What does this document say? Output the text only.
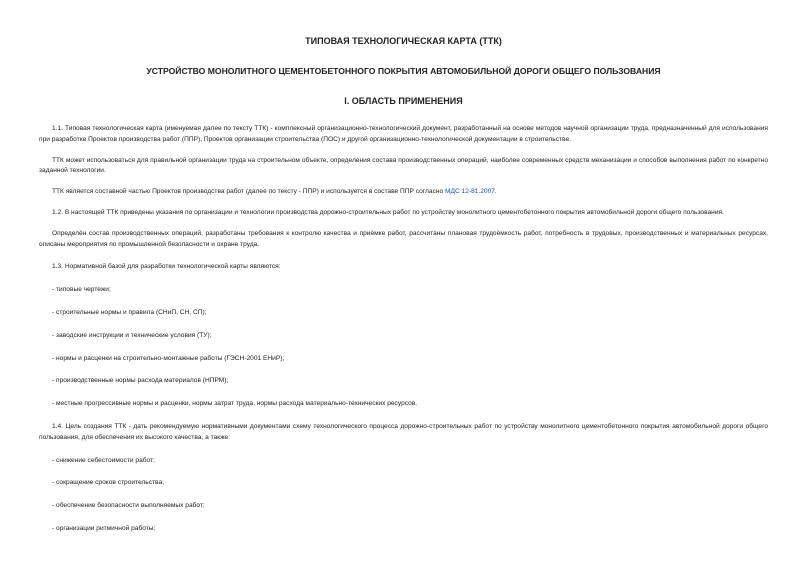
ТИПОВАЯ ТЕХНОЛОГИЧЕСКАЯ КАРТА (ТТК)
УСТРОЙСТВО МОНОЛИТНОГО ЦЕМЕНТОБЕТОННОГО ПОКРЫТИЯ АВТОМОБИЛЬНОЙ ДОРОГИ ОБЩЕГО ПОЛЬЗОВАНИЯ
I. ОБЛАСТЬ ПРИМЕНЕНИЯ

1.1. Типовая технологическая карта (именуемая далее по тексту ТТК) - комплексный организационно-технологический документ, разработанный на основе методов научной организации труда, предназначенный для использования при разработке Проектов производства работ (ППР), Проектов организации строительства (ПОС) и другой организационно-технологической документации в строительстве.

ТТК может использоваться для правильной организации труда на строительном объекте, определения состава производственных операций, наиболее современных средств механизации и способов выполнения работ по конкретно заданной технологии.

ТТК является составной частью Проектов производства работ (далее по тексту - ППР) и используется в составе ППР согласно МДС 12-81.2007.

1.2. В настоящей ТТК приведены указания по организации и технологии производства дорожно-строительных работ по устройству монолитного цементобетонного покрытия автомобильной дороги общего пользования.

Определён состав производственных операций, разработаны требования к контролю качества и приёмке работ, рассчитаны плановая трудоёмкость работ, потребность в трудовых, производственных и материальных ресурсах, описаны мероприятия по промышленной безопасности и охране труда.

1.3. Нормативной базой для разработки технологической карты являются:

- типовые чертежи;

- строительные нормы и правила (СНиП, СН, СП);

- заводские инструкции и технические условия (ТУ);

- нормы и расценки на строительно-монтажные работы (ГЭСН-2001 ЕНиР);

- производственные нормы расхода материалов (НПРМ);

- местные прогрессивные нормы и расценки, нормы затрат труда, нормы расхода материально-технических ресурсов.

1.4. Цель создания ТТК - дать рекомендуемую нормативными документами схему технологического процесса дорожно-строительных работ по устройству монолитного цементобетонного покрытия автомобильной дороги общего пользования, для обеспечения их высокого качества, а также:

- снижение себестоимости работ;

- сокращение сроков строительства;

- обеспечение безопасности выполняемых работ;

- организации ритмичной работы;
